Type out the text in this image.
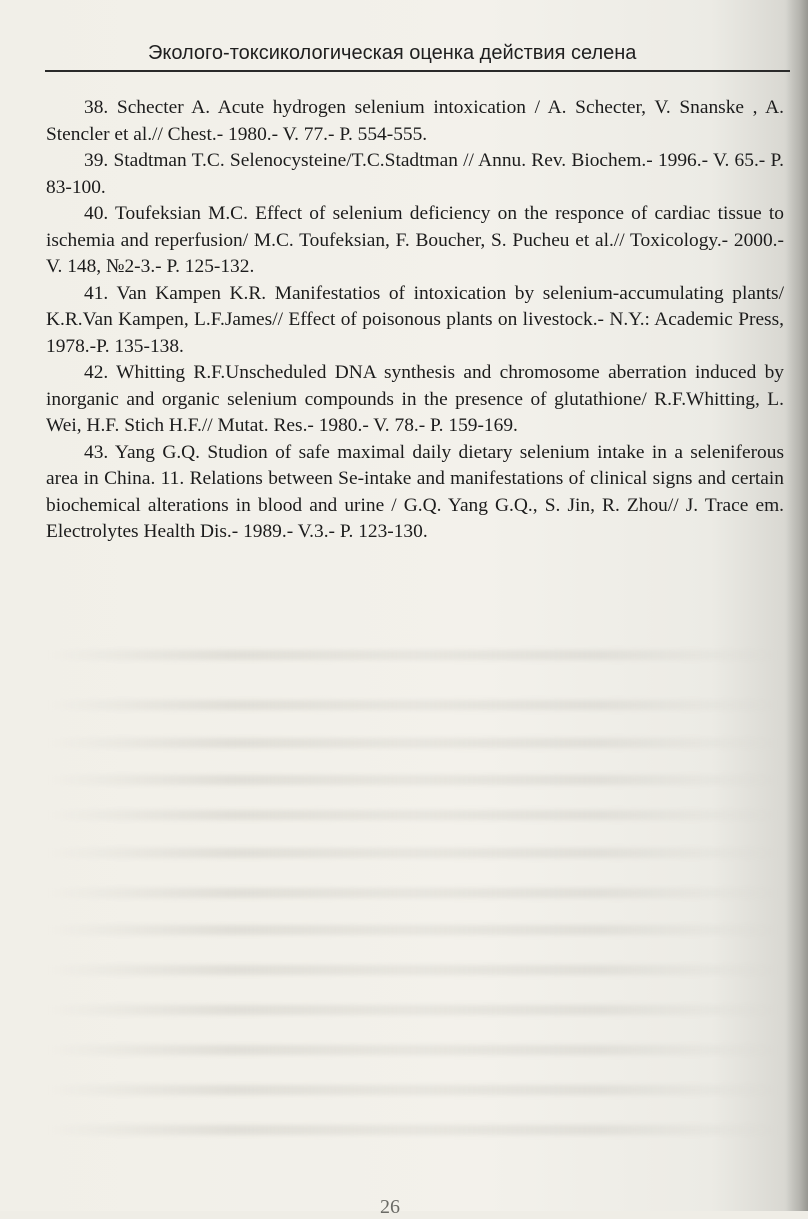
Эколого-токсикологическая оценка действия селена

38. Schecter A. Acute hydrogen selenium intoxication / A. Schecter, V. Snanske , A. Stencler et al.// Chest.- 1980.- V. 77.- P. 554-555.

39. Stadtman T.C. Selenocysteine/T.C.Stadtman // Annu. Rev. Biochem.- 1996.- V. 65.- P. 83-100.

40. Toufeksian M.C. Effect of selenium deficiency on the responce of cardiac tissue to ischemia and reperfusion/ M.C. Toufeksian, F. Boucher, S. Pucheu et al.// Toxicology.- 2000.- V. 148, №2-3.- P. 125-132.

41. Van Kampen K.R. Manifestatios of intoxication by selenium-accumulating plants/ K.R.Van Kampen, L.F.James// Effect of poisonous plants on livestock.- N.Y.: Academic Press, 1978.-P. 135-138.

42. Whitting R.F.Unscheduled DNA synthesis and chromosome aberration induced by inorganic and organic selenium compounds in the presence of glutathione/ R.F.Whitting, L. Wei, H.F. Stich H.F.// Mutat. Res.- 1980.- V. 78.- P. 159-169.

43. Yang G.Q. Studion of safe maximal daily dietary selenium intake in a seleniferous area in China. 11. Relations between Se-intake and manifestations of clinical signs and certain biochemical alterations in blood and urine / G.Q. Yang G.Q., S. Jin, R. Zhou// J. Trace em. Electrolytes Health Dis.- 1989.- V.3.- P. 123-130.

26
